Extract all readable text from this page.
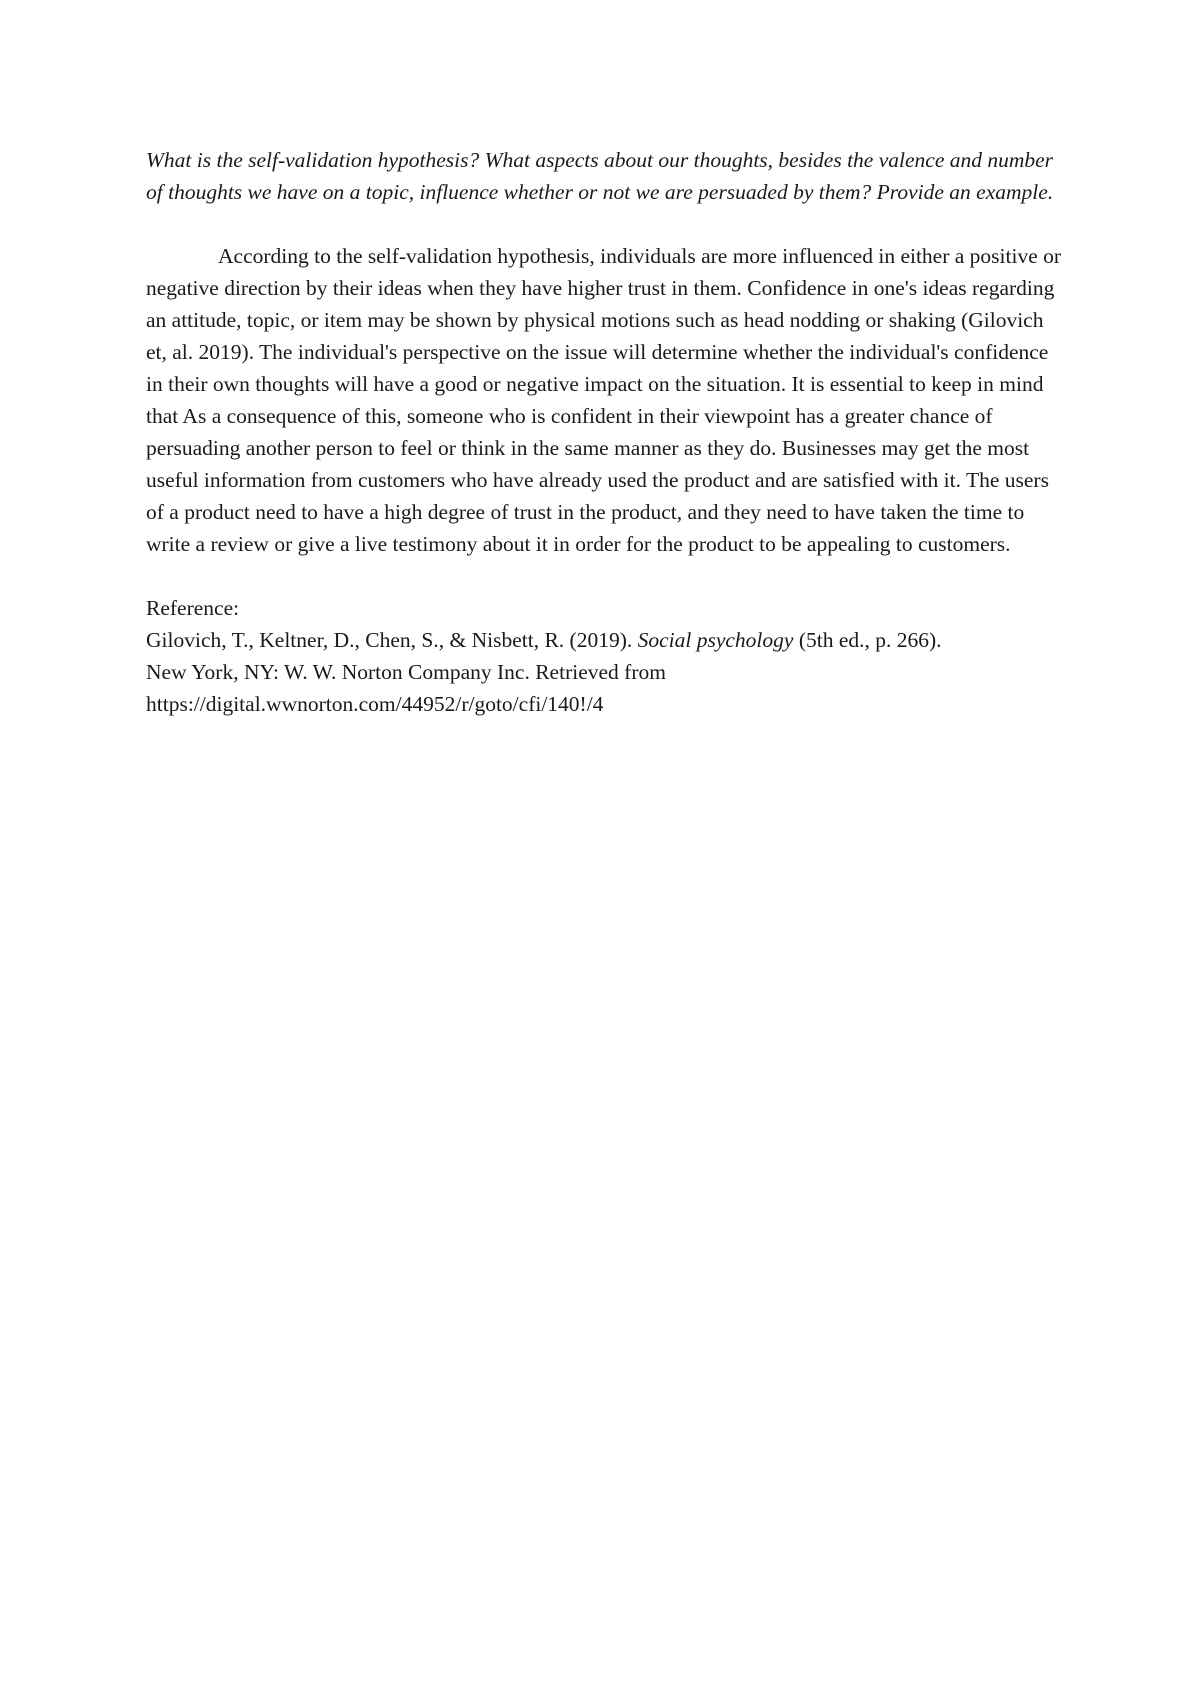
What is the self-validation hypothesis? What aspects about our thoughts, besides the valence and number of thoughts we have on a topic, influence whether or not we are persuaded by them? Provide an example.

According to the self-validation hypothesis, individuals are more influenced in either a positive or negative direction by their ideas when they have higher trust in them. Confidence in one's ideas regarding an attitude, topic, or item may be shown by physical motions such as head nodding or shaking (Gilovich et, al. 2019). The individual's perspective on the issue will determine whether the individual's confidence in their own thoughts will have a good or negative impact on the situation. It is essential to keep in mind that As a consequence of this, someone who is confident in their viewpoint has a greater chance of persuading another person to feel or think in the same manner as they do. Businesses may get the most useful information from customers who have already used the product and are satisfied with it. The users of a product need to have a high degree of trust in the product, and they need to have taken the time to write a review or give a live testimony about it in order for the product to be appealing to customers.

Reference:

Gilovich, T., Keltner, D., Chen, S., & Nisbett, R. (2019). Social psychology (5th ed., p. 266).

New York, NY: W. W. Norton Company Inc. Retrieved from

https://digital.wwnorton.com/44952/r/goto/cfi/140!/4
